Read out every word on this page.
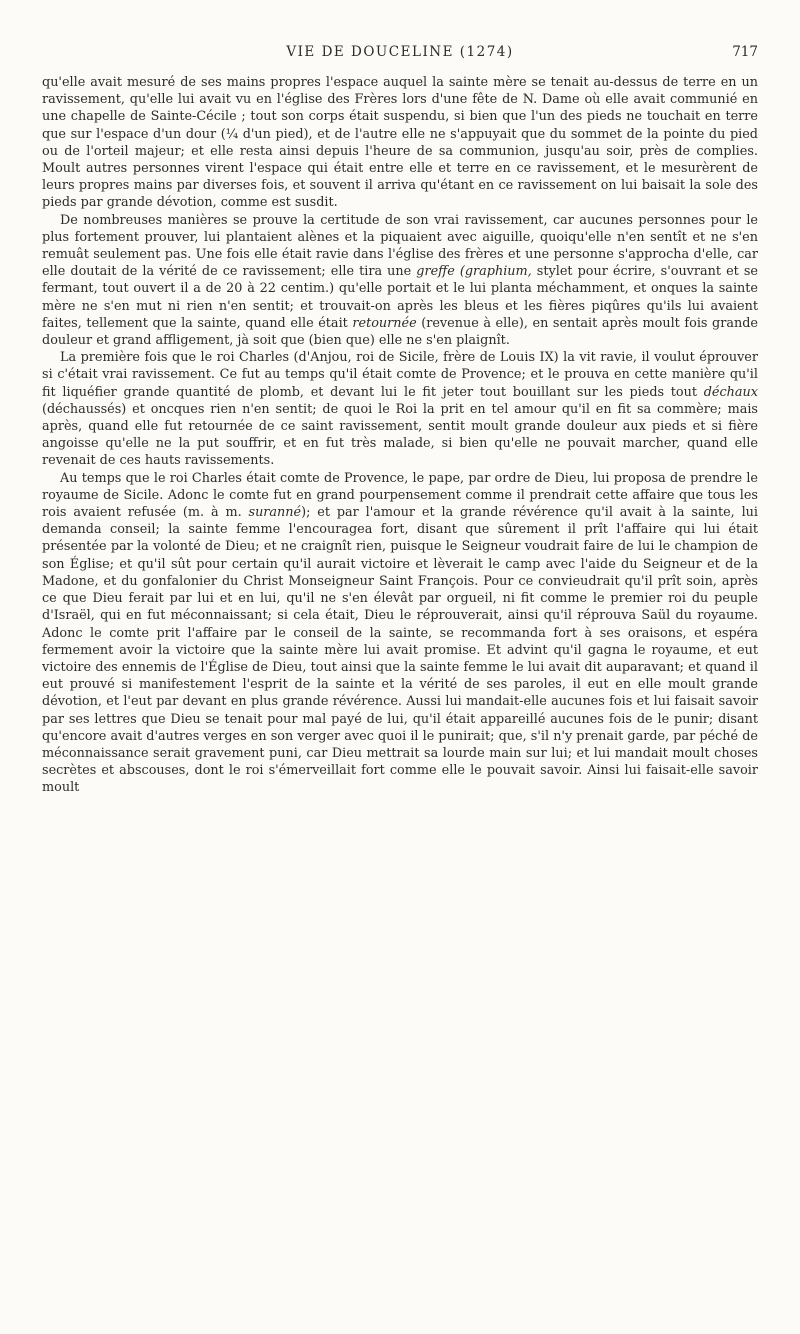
VIE DE DOUCELINE (1274)	717

qu'elle avait mesuré de ses mains propres l'espace auquel la sainte mère se tenait au-dessus de terre en un ravissement, qu'elle lui avait vu en l'église des Frères lors d'une fête de N. Dame où elle avait communié en une chapelle de Sainte-Cécile ; tout son corps était suspendu, si bien que l'un des pieds ne touchait en terre que sur l'espace d'un dour (¼ d'un pied), et de l'autre elle ne s'appuyait que du sommet de la pointe du pied ou de l'orteil majeur; et elle resta ainsi depuis l'heure de sa communion, jusqu'au soir, près de complies. Moult autres personnes virent l'espace qui était entre elle et terre en ce ravissement, et le mesurèrent de leurs propres mains par diverses fois, et souvent il arriva qu'étant en ce ravissement on lui baisait la sole des pieds par grande dévotion, comme est susdit.

De nombreuses manières se prouve la certitude de son vrai ravissement, car aucunes personnes pour le plus fortement prouver, lui plantaient alènes et la piquaient avec aiguille, quoiqu'elle n'en sentît et ne s'en remuât seulement pas. Une fois elle était ravie dans l'église des frères et une personne s'approcha d'elle, car elle doutait de la vérité de ce ravissement; elle tira une greffe (graphium, stylet pour écrire, s'ouvrant et se fermant, tout ouvert il a de 20 à 22 centim.) qu'elle portait et le lui planta méchamment, et onques la sainte mère ne s'en mut ni rien n'en sentit; et trouvait-on après les bleus et les fières piqûres qu'ils lui avaient faites, tellement que la sainte, quand elle était retournée (revenue à elle), en sentait après moult fois grande douleur et grand affligement, jà soit que (bien que) elle ne s'en plaignît.

La première fois que le roi Charles (d'Anjou, roi de Sicile, frère de Louis IX) la vit ravie, il voulut éprouver si c'était vrai ravissement. Ce fut au temps qu'il était comte de Provence; et le prouva en cette manière qu'il fit liquéfier grande quantité de plomb, et devant lui le fit jeter tout bouillant sur les pieds tout déchaux (déchaussés) et oncques rien n'en sentit; de quoi le Roi la prit en tel amour qu'il en fit sa commère; mais après, quand elle fut retournée de ce saint ravissement, sentit moult grande douleur aux pieds et si fière angoisse qu'elle ne la put souffrir, et en fut très malade, si bien qu'elle ne pouvait marcher, quand elle revenait de ces hauts ravissements.

Au temps que le roi Charles était comte de Provence, le pape, par ordre de Dieu, lui proposa de prendre le royaume de Sicile. Adonc le comte fut en grand pourpensement comme il prendrait cette affaire que tous les rois avaient refusée (m. à m. suranné); et par l'amour et la grande révérence qu'il avait à la sainte, lui demanda conseil; la sainte femme l'encouragea fort, disant que sûrement il prît l'affaire qui lui était présentée par la volonté de Dieu; et ne craignît rien, puisque le Seigneur voudrait faire de lui le champion de son Église; et qu'il sût pour certain qu'il aurait victoire et lèverait le camp avec l'aide du Seigneur et de la Madone, et du gonfalonier du Christ Monseigneur Saint François. Pour ce convieudrait qu'il prît soin, après ce que Dieu ferait par lui et en lui, qu'il ne s'en élevât par orgueil, ni fit comme le premier roi du peuple d'Israël, qui en fut méconnaissant; si cela était, Dieu le réprouverait, ainsi qu'il réprouva Saül du royaume. Adonc le comte prit l'affaire par le conseil de la sainte, se recommanda fort à ses oraisons, et espéra fermement avoir la victoire que la sainte mère lui avait promise. Et advint qu'il gagna le royaume, et eut victoire des ennemis de l'Église de Dieu, tout ainsi que la sainte femme le lui avait dit auparavant; et quand il eut prouvé si manifestement l'esprit de la sainte et la vérité de ses paroles, il eut en elle moult grande dévotion, et l'eut par devant en plus grande révérence. Aussi lui mandait-elle aucunes fois et lui faisait savoir par ses lettres que Dieu se tenait pour mal payé de lui, qu'il était appareillé aucunes fois de le punir; disant qu'encore avait d'autres verges en son verger avec quoi il le punirait; que, s'il n'y prenait garde, par péché de méconnaissance serait gravement puni, car Dieu mettrait sa lourde main sur lui; et lui mandait moult choses secrètes et abscouses, dont le roi s'émerveillait fort comme elle le pouvait savoir. Ainsi lui faisait-elle savoir moult
